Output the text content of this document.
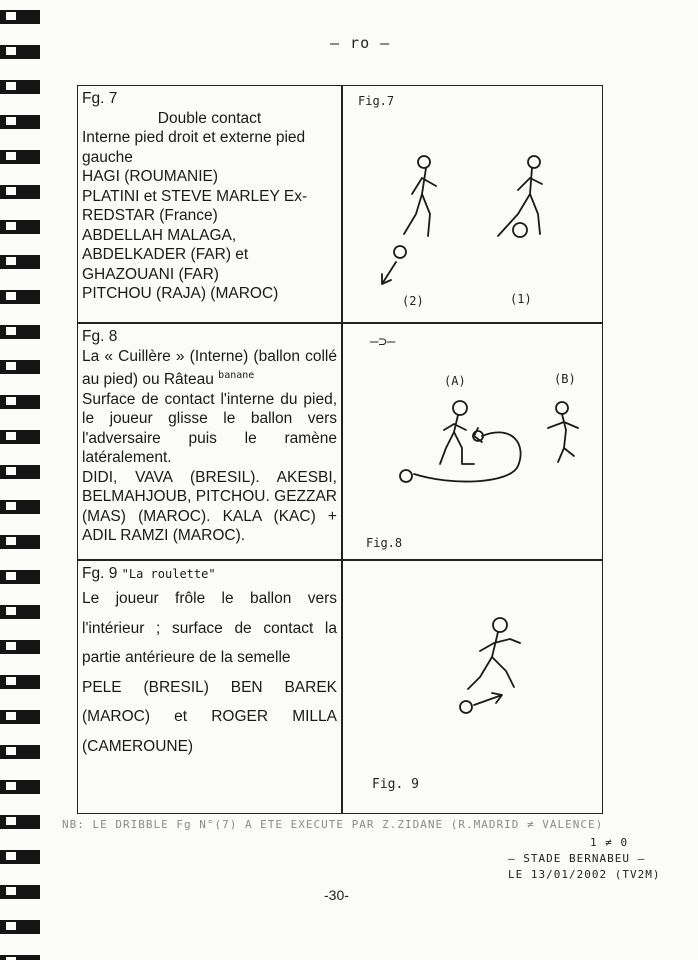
– ro –

Fg. 7

Double contact

Interne pied droit et externe pied gauche

HAGI (ROUMANIE)

PLATINI et STEVE MARLEY Ex-REDSTAR (France)

ABDELLAH MALAGA, ABDELKADER (FAR) et GHAZOUANI (FAR)

PITCHOU (RAJA) (MAROC)

Fig.7
(2)	(1)

Fg. 8

La « Cuillère » (Interne) (ballon collé au pied) ou Râteau $^{banane}$

Surface de contact l'interne du pied, le joueur glisse le ballon vers l'adversaire puis le ramène latéralement.

DIDI, VAVA (BRESIL). AKESBI, BELMAHJOUB, PITCHOU. GEZZAR (MAS) (MAROC). KALA (KAC) + ADIL RAMZI (MAROC).

–⊃–
(A)	(B)
Fig.8

Fg. 9 "La roulette"

Le joueur frôle le ballon vers l'intérieur ; surface de contact la partie antérieure de la semelle

PELE (BRESIL) BEN BAREK (MAROC) et ROGER MILLA (CAMEROUNE)

Fig. 9
NB: LE DRIBBLE Fg N°(7) A ETE EXECUTE PAR Z.ZIDANE (R.MADRID ≠ VALENCE)
1 ≠ 0
– STADE BERNABEU –
LE 13/01/2002 (TV2M)
-30-
